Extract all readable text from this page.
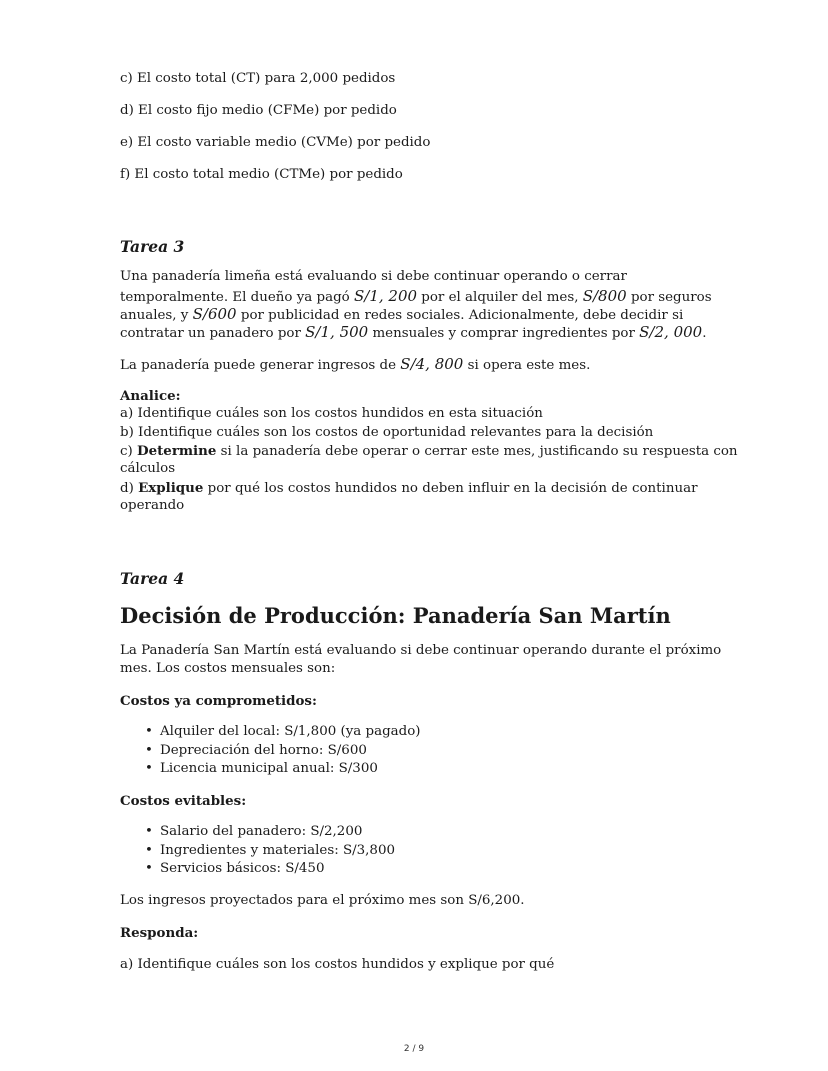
c) El costo total (CT) para 2,000 pedidos
d) El costo fijo medio (CFMe) por pedido
e) El costo variable medio (CVMe) por pedido
f) El costo total medio (CTMe) por pedido
Tarea 3
Una panadería limeña está evaluando si debe continuar operando o cerrar
temporalmente. El dueño ya pagó S/1, 200 por el alquiler del mes, S/800 por seguros
anuales, y S/600 por publicidad en redes sociales. Adicionalmente, debe decidir si
contratar un panadero por S/1, 500 mensuales y comprar ingredientes por S/2, 000.
La panadería puede generar ingresos de S/4, 800 si opera este mes.
Analice:
a) Identifique cuáles son los costos hundidos en esta situación
b) Identifique cuáles son los costos de oportunidad relevantes para la decisión
c) Determine si la panadería debe operar o cerrar este mes, justificando su respuesta con
cálculos
d) Explique por qué los costos hundidos no deben influir en la decisión de continuar
operando
Tarea 4
Decisión de Producción: Panadería San Martín
La Panadería San Martín está evaluando si debe continuar operando durante el próximo
mes. Los costos mensuales son:
Costos ya comprometidos:
• Alquiler del local: S/1,800 (ya pagado)
• Depreciación del horno: S/600
• Licencia municipal anual: S/300
Costos evitables:
• Salario del panadero: S/2,200
• Ingredientes y materiales: S/3,800
• Servicios básicos: S/450
Los ingresos proyectados para el próximo mes son S/6,200.
Responda:
a) Identifique cuáles son los costos hundidos y explique por qué
2 / 9
